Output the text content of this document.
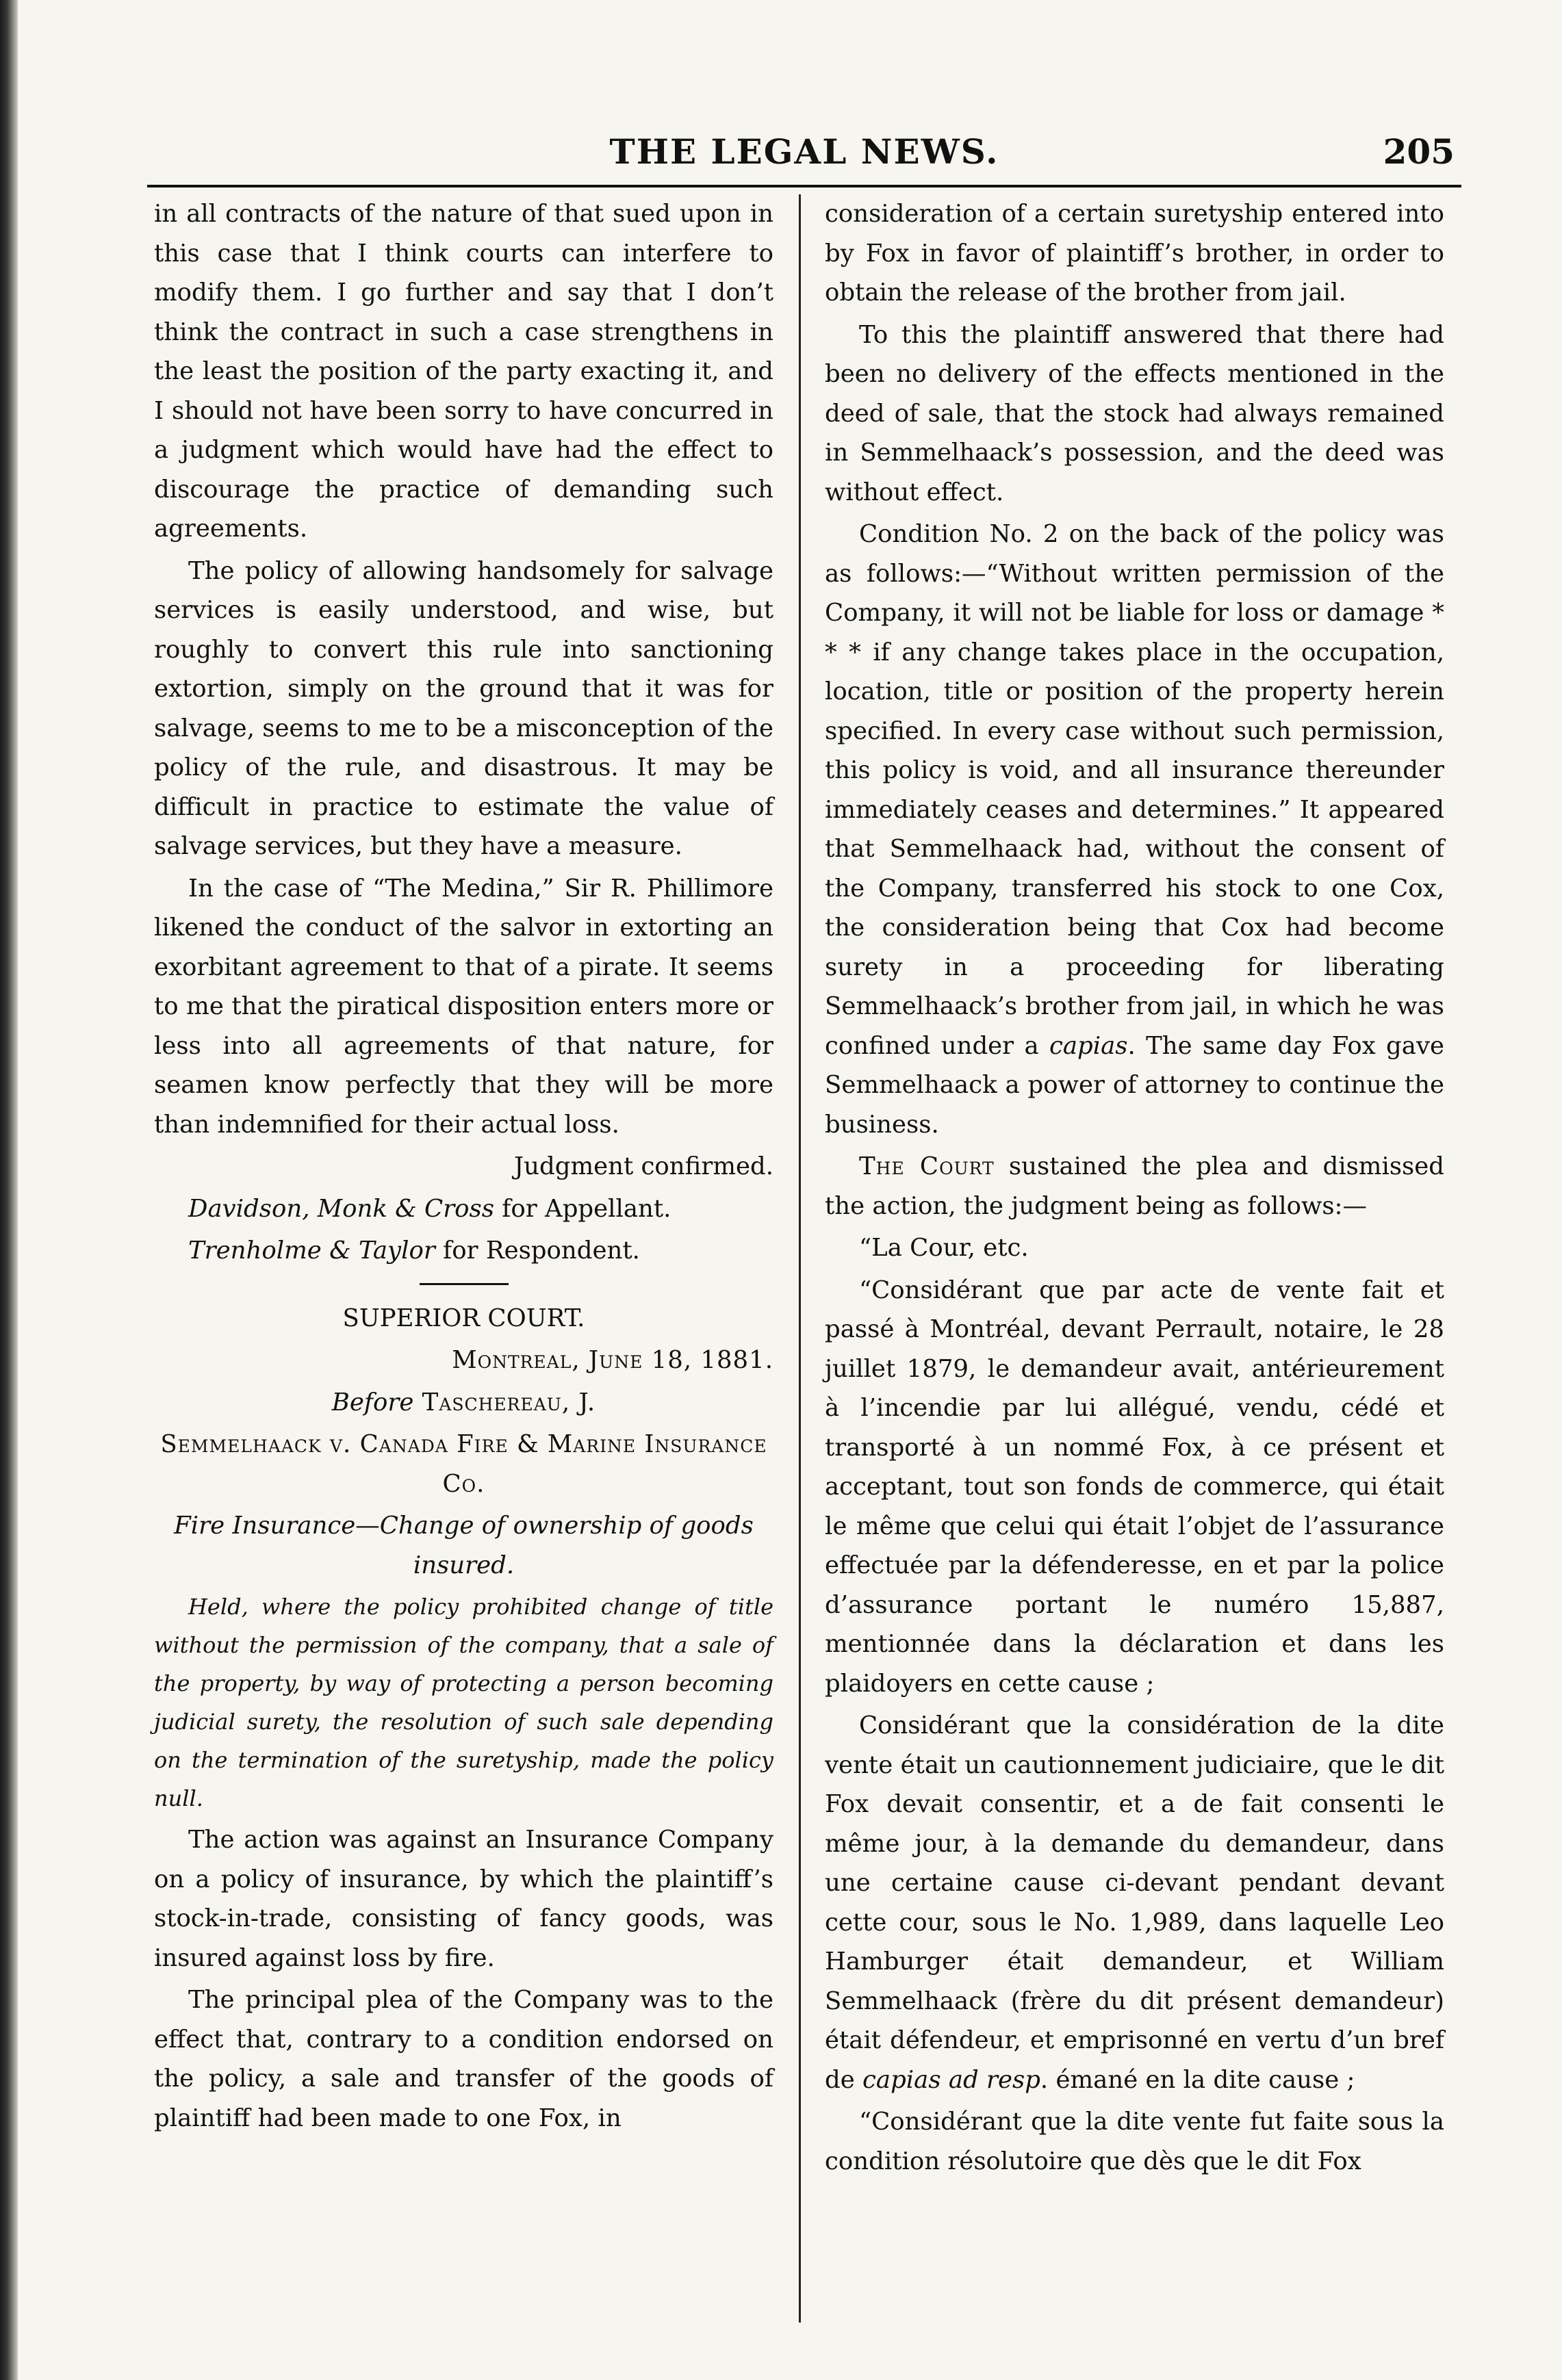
THE LEGAL NEWS.	205

in all contracts of the nature of that sued upon in this case that I think courts can interfere to modify them. I go further and say that I don’t think the contract in such a case strengthens in the least the position of the party exacting it, and I should not have been sorry to have concurred in a judgment which would have had the effect to discourage the practice of demanding such agreements.

The policy of allowing handsomely for salvage services is easily understood, and wise, but roughly to convert this rule into sanctioning extortion, simply on the ground that it was for salvage, seems to me to be a misconception of the policy of the rule, and disastrous. It may be difficult in practice to estimate the value of salvage services, but they have a measure.

In the case of “The Medina,” Sir R. Phillimore likened the conduct of the salvor in extorting an exorbitant agreement to that of a pirate. It seems to me that the piratical disposition enters more or less into all agreements of that nature, for seamen know perfectly that they will be more than indemnified for their actual loss.

Judgment confirmed.

Davidson, Monk & Cross for Appellant.

Trenholme & Taylor for Respondent.

SUPERIOR COURT.

Montreal, June 18, 1881.

Before Taschereau, J.

Semmelhaack v. Canada Fire & Marine Insurance Co.

Fire Insurance—Change of ownership of goods insured.

Held, where the policy prohibited change of title without the permission of the company, that a sale of the property, by way of protecting a person becoming judicial surety, the resolution of such sale depending on the termination of the suretyship, made the policy null.

The action was against an Insurance Company on a policy of insurance, by which the plaintiff’s stock-in-trade, consisting of fancy goods, was insured against loss by fire.

The principal plea of the Company was to the effect that, contrary to a condition endorsed on the policy, a sale and transfer of the goods of plaintiff had been made to one Fox, in

consideration of a certain suretyship entered into by Fox in favor of plaintiff’s brother, in order to obtain the release of the brother from jail.

To this the plaintiff answered that there had been no delivery of the effects mentioned in the deed of sale, that the stock had always remained in Semmelhaack’s possession, and the deed was without effect.

Condition No. 2 on the back of the policy was as follows:—“Without written permission of the Company, it will not be liable for loss or damage * * * if any change takes place in the occupation, location, title or position of the property herein specified. In every case without such permission, this policy is void, and all insurance thereunder immediately ceases and determines.” It appeared that Semmelhaack had, without the consent of the Company, transferred his stock to one Cox, the consideration being that Cox had become surety in a proceeding for liberating Semmelhaack’s brother from jail, in which he was confined under a capias. The same day Fox gave Semmelhaack a power of attorney to continue the business.

The Court sustained the plea and dismissed the action, the judgment being as follows:—

“La Cour, etc.

“Considérant que par acte de vente fait et passé à Montréal, devant Perrault, notaire, le 28 juillet 1879, le demandeur avait, antérieurement à l’incendie par lui allégué, vendu, cédé et transporté à un nommé Fox, à ce présent et acceptant, tout son fonds de commerce, qui était le même que celui qui était l’objet de l’assurance effectuée par la défenderesse, en et par la police d’assurance portant le numéro 15,887, mentionnée dans la déclaration et dans les plaidoyers en cette cause ;

Considérant que la considération de la dite vente était un cautionnement judiciaire, que le dit Fox devait consentir, et a de fait consenti le même jour, à la demande du demandeur, dans une certaine cause ci-devant pendant devant cette cour, sous le No. 1,989, dans laquelle Leo Hamburger était demandeur, et William Semmelhaack (frère du dit présent demandeur) était défendeur, et emprisonné en vertu d’un bref de capias ad resp. émané en la dite cause ;

“Considérant que la dite vente fut faite sous la condition résolutoire que dès que le dit Fox
